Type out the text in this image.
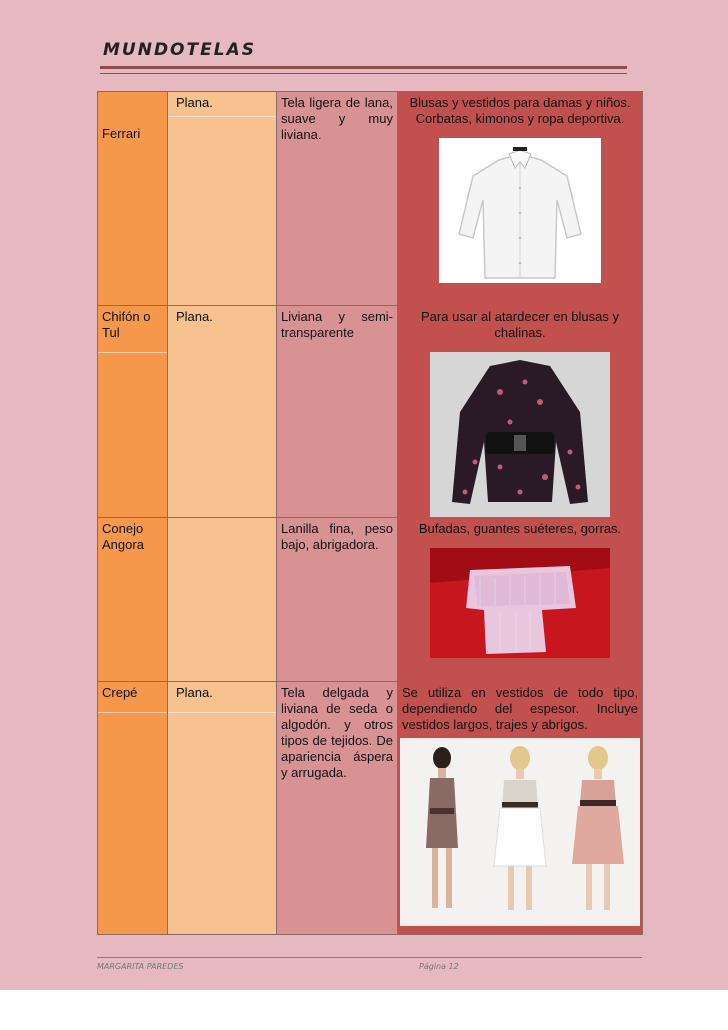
MUNDOTELAS
Ferrari	Plana.	Tela ligera de lana, suave y muy liviana.	Blusas y vestidos para damas y niños. Corbatas, kimonos y ropa deportiva.

Chifón o Tul	Plana.	Liviana y semi-transparente	Para usar al atardecer en blusas y chalinas.

Conejo Angora		Lanilla fina, peso bajo, abrigadora.	Bufadas, guantes suéteres, gorras.

Crepé	Plana.	Tela delgada y liviana de seda o algodón. y otros tipos de tejidos. De apariencia áspera y arrugada.	Se utiliza en vestidos de todo tipo, dependiendo del espesor. Incluye vestidos largos, trajes y abrigos.
MARGARITA PAREDES	Página 12
